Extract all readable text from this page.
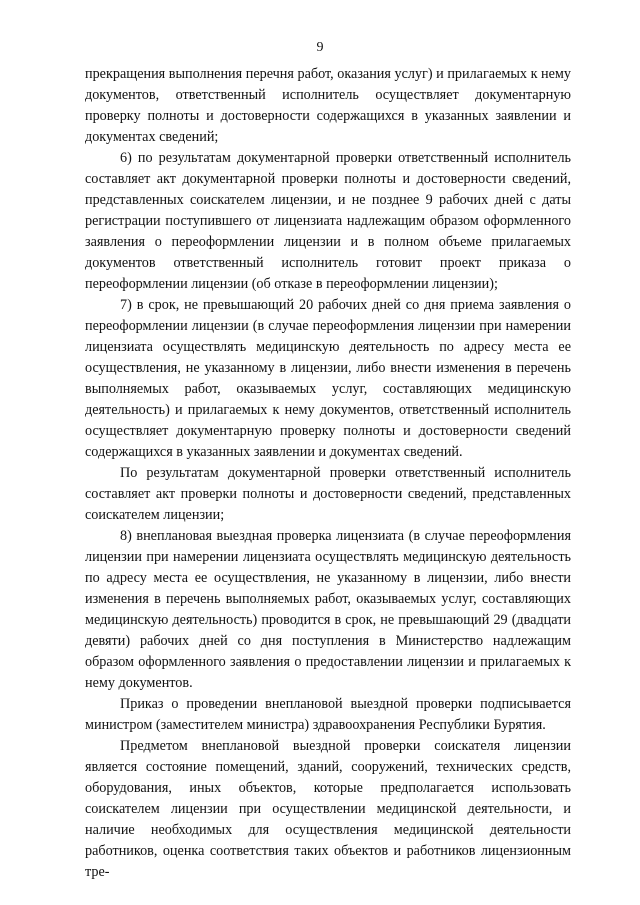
9

прекращения выполнения перечня работ, оказания услуг) и прилагаемых к нему документов, ответственный исполнитель осуществляет документарную проверку полноты и достоверности содержащихся в указанных заявлении и документах сведений;

6) по результатам документарной проверки ответственный исполнитель составляет акт документарной проверки полноты и достоверности сведений, представленных соискателем лицензии, и не позднее 9 рабочих дней с даты регистрации поступившего от лицензиата надлежащим образом оформленного заявления о переоформлении лицензии и в полном объеме прилагаемых документов ответственный исполнитель готовит проект приказа о переоформлении лицензии (об отказе в переоформлении лицензии);

7) в срок, не превышающий 20 рабочих дней со дня приема заявления о переоформлении лицензии (в случае переоформления лицензии при намерении лицензиата осуществлять медицинскую деятельность по адресу места ее осуществления, не указанному в лицензии, либо внести изменения в перечень выполняемых работ, оказываемых услуг, составляющих медицинскую деятельность) и прилагаемых к нему документов, ответственный исполнитель осуществляет документарную проверку полноты и достоверности сведений содержащихся в указанных заявлении и документах сведений.

По результатам документарной проверки ответственный исполнитель составляет акт проверки полноты и достоверности сведений, представленных соискателем лицензии;

8) внеплановая выездная проверка лицензиата (в случае переоформления лицензии при намерении лицензиата осуществлять медицинскую деятельность по адресу места ее осуществления, не указанному в лицензии, либо внести изменения в перечень выполняемых работ, оказываемых услуг, составляющих медицинскую деятельность) проводится в срок, не превышающий 29 (двадцати девяти) рабочих дней со дня поступления в Министерство надлежащим образом оформленного заявления о предоставлении лицензии и прилагаемых к нему документов.

Приказ о проведении внеплановой выездной проверки подписывается министром (заместителем министра) здравоохранения Республики Бурятия.

Предметом внеплановой выездной проверки соискателя лицензии является состояние помещений, зданий, сооружений, технических средств, оборудования, иных объектов, которые предполагается использовать соискателем лицензии при осуществлении медицинской деятельности, и наличие необходимых для осуществления медицинской деятельности работников, оценка соответствия таких объектов и работников лицензионным тре-
